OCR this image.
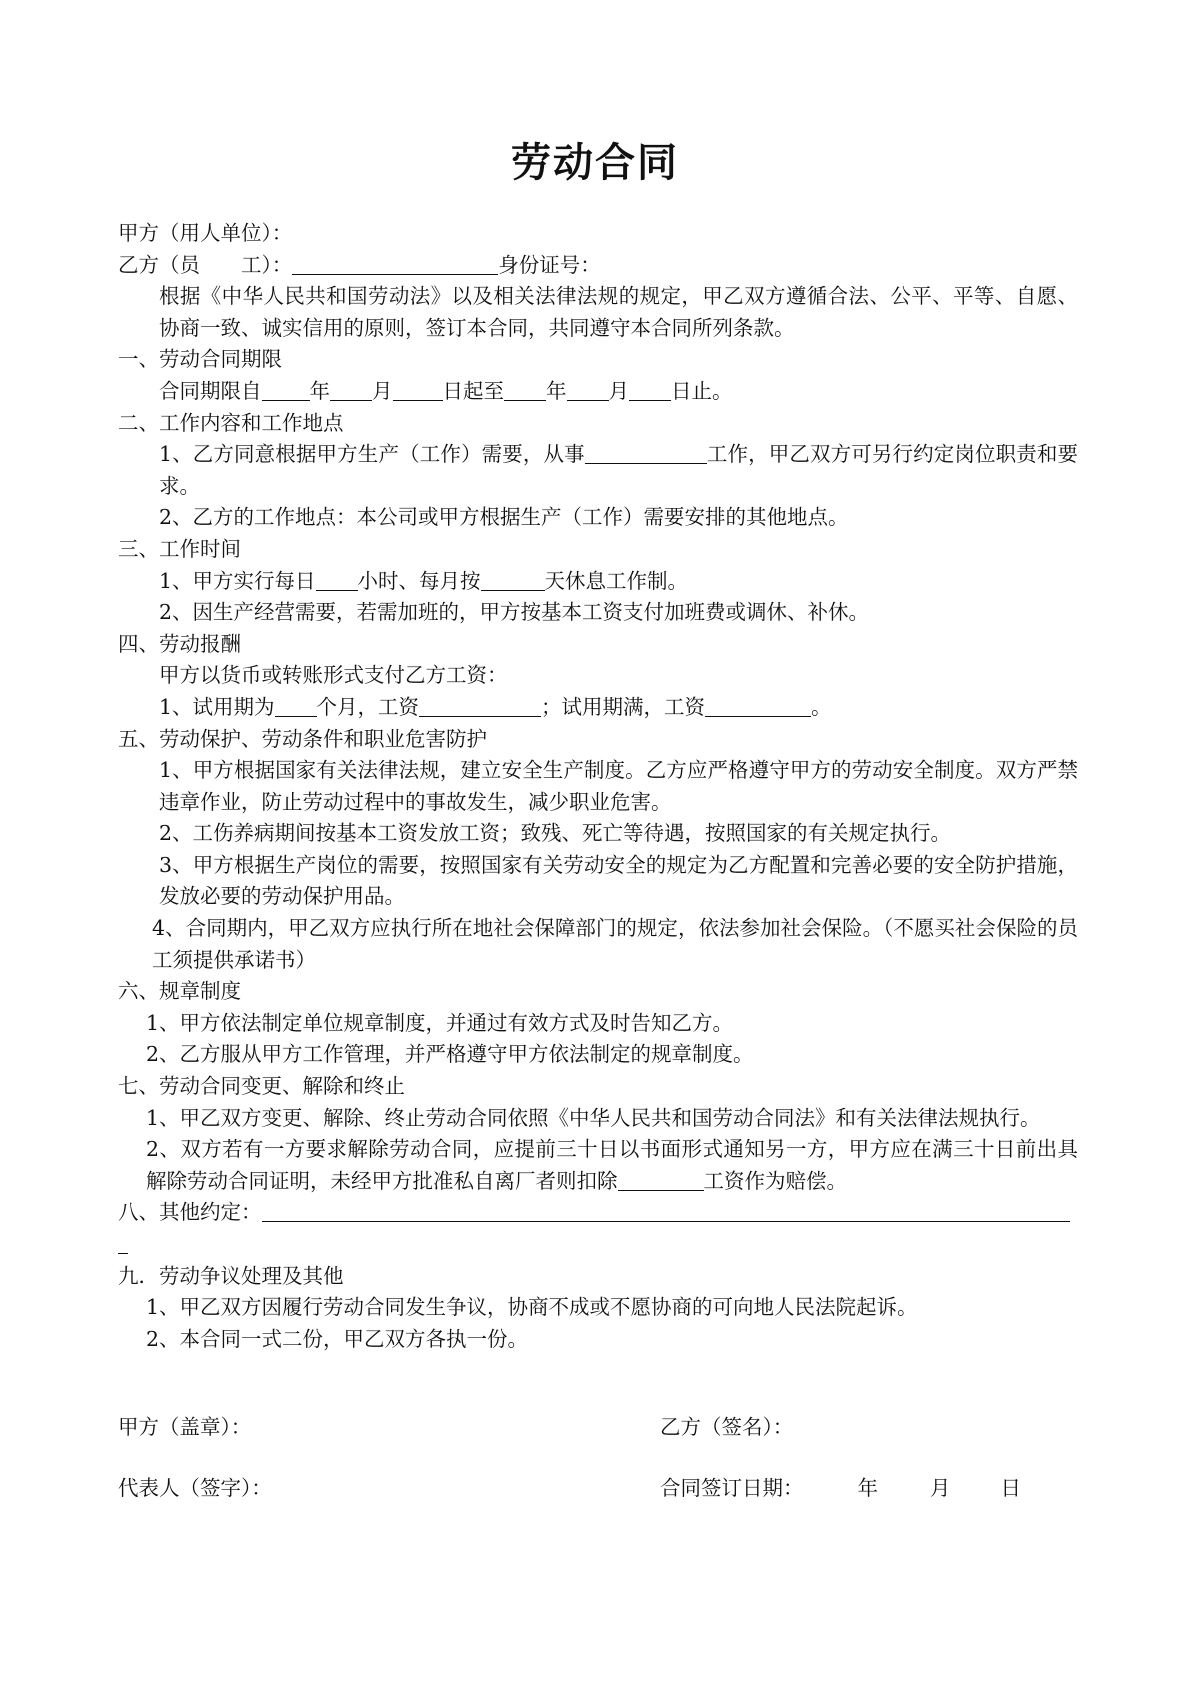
劳动合同

甲方（用人单位）：

乙方（员　　工）：	身份证号：

根据《中华人民共和国劳动法》以及相关法律法规的规定，甲乙双方遵循合法、公平、平等、自愿、协商一致、诚实信用的原则，签订本合同，共同遵守本合同所列条款。

一、劳动合同期限

合同期限自 年 月 日起至 年 月 日止。

二、工作内容和工作地点

1、乙方同意根据甲方生产（工作）需要，从事	工作，甲乙双方可另行约定岗位职责和要求。

2、乙方的工作地点：本公司或甲方根据生产（工作）需要安排的其他地点。

三、工作时间

1、甲方实行每日 小时、每月按	天休息工作制。

2、因生产经营需要，若需加班的，甲方按基本工资支付加班费或调休、补休。

四、劳动报酬

甲方以货币或转账形式支付乙方工资：

1、试用期为 个月，工资	；试用期满，工资	。

五、劳动保护、劳动条件和职业危害防护

1、甲方根据国家有关法律法规，建立安全生产制度。乙方应严格遵守甲方的劳动安全制度。双方严禁违章作业，防止劳动过程中的事故发生，减少职业危害。

2、工伤养病期间按基本工资发放工资；致残、死亡等待遇，按照国家的有关规定执行。

3、甲方根据生产岗位的需要，按照国家有关劳动安全的规定为乙方配置和完善必要的安全防护措施，发放必要的劳动保护用品。

4、合同期内，甲乙双方应执行所在地社会保障部门的规定，依法参加社会保险。（不愿买社会保险的员工须提供承诺书）

六、规章制度

1、甲方依法制定单位规章制度，并通过有效方式及时告知乙方。

2、乙方服从甲方工作管理，并严格遵守甲方依法制定的规章制度。

七、劳动合同变更、解除和终止

1、甲乙双方变更、解除、终止劳动合同依照《中华人民共和国劳动合同法》和有关法律法规执行。

2、双方若有一方要求解除劳动合同，应提前三十日以书面形式通知另一方，甲方应在满三十日前出具解除劳动合同证明，未经甲方批准私自离厂者则扣除	工资作为赔偿。

八、其他约定：

九．劳动争议处理及其他

1、甲乙双方因履行劳动合同发生争议，协商不成或不愿协商的可向地人民法院起诉。

2、本合同一式二份，甲乙双方各执一份。

甲方（盖章）：	乙方（签名）：
代表人（签字）：	合同签订日期：	年	月 日
